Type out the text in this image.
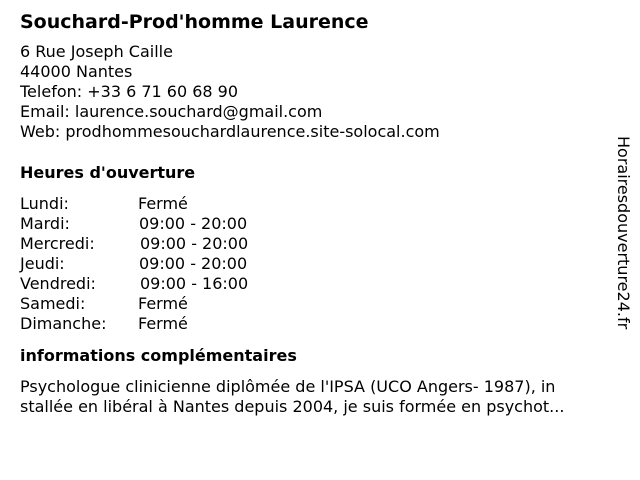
Souchard-Prod'homme Laurence
6 Rue Joseph Caille
44000 Nantes
Telefon: +33 6 71 60 68 90
Email: laurence.souchard@gmail.com
Web: prodhommesouchardlaurence.site-solocal.com
Heures d'ouverture
Lundi:	Fermé
Mardi:	09:00 - 20:00
Mercredi:	09:00 - 20:00
Jeudi:	09:00 - 20:00
Vendredi:	09:00 - 16:00
Samedi:	Fermé
Dimanche: Fermé
informations complémentaires
Psychologue clinicienne diplômée de l'IPSA (UCO Angers- 1987), in
stallée en libéral à Nantes depuis 2004, je suis formée en psychot...
Horairesdouverture24.fr
